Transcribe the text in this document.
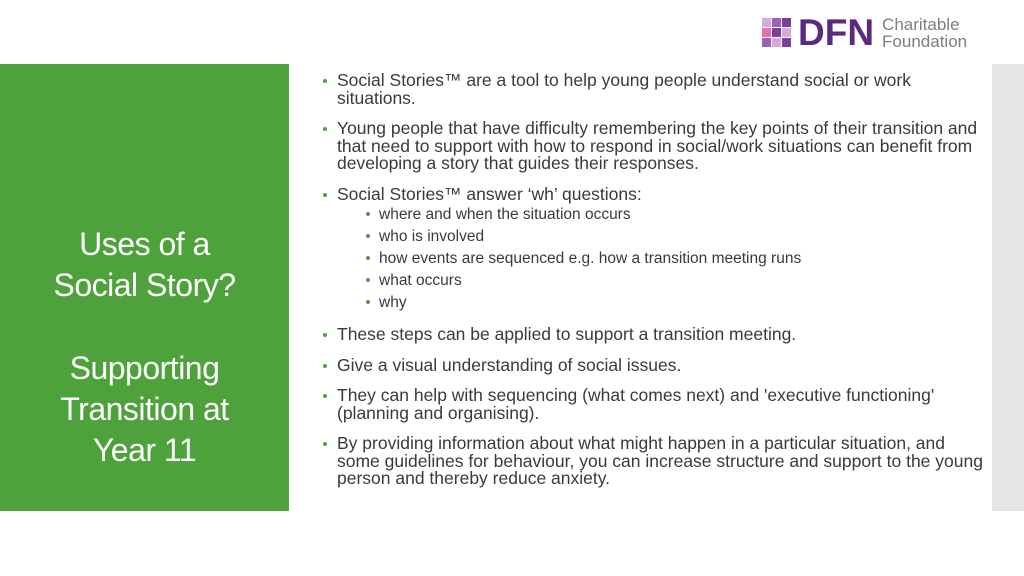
DFN Charitable
Foundation
Uses of a
Social Story?
Supporting
Transition at
Year 11
Social Stories™ are a tool to help young people understand social or work situations.
Young people that have difficulty remembering the key points of their transition and that need to support with how to respond in social/work situations can benefit from developing a story that guides their responses.
Social Stories™ answer ‘wh’ questions:
where and when the situation occurs
who is involved
how events are sequenced e.g. how a transition meeting runs
what occurs
why
These steps can be applied to support a transition meeting.
Give a visual understanding of social issues.
They can help with sequencing (what comes next) and 'executive functioning' (planning and organising).
By providing information about what might happen in a particular situation, and some guidelines for behaviour, you can increase structure and support to the young person and thereby reduce anxiety.
